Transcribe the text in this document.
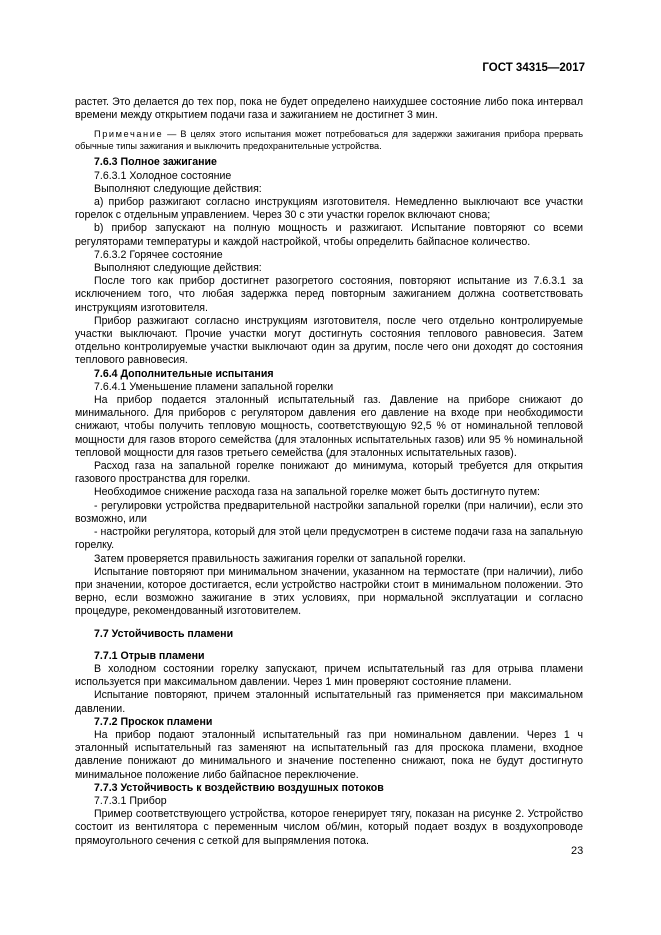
ГОСТ 34315—2017

растет. Это делается до тех пор, пока не будет определено наихудшее состояние либо пока интервал времени между открытием подачи газа и зажиганием не достигнет 3 мин.

Примечание — В целях этого испытания может потребоваться для задержки зажигания прибора прервать обычные типы зажигания и выключить предохранительные устройства.

7.6.3 Полное зажигание

7.6.3.1 Холодное состояние

Выполняют следующие действия:

a) прибор разжигают согласно инструкциям изготовителя. Немедленно выключают все участки горелок с отдельным управлением. Через 30 с эти участки горелок включают снова;

b) прибор запускают на полную мощность и разжигают. Испытание повторяют со всеми регуляторами температуры и каждой настройкой, чтобы определить байпасное количество.

7.6.3.2 Горячее состояние

Выполняют следующие действия:

После того как прибор достигнет разогретого состояния, повторяют испытание из 7.6.3.1 за исключением того, что любая задержка перед повторным зажиганием должна соответствовать инструкциям изготовителя.

Прибор разжигают согласно инструкциям изготовителя, после чего отдельно контролируемые участки выключают. Прочие участки могут достигнуть состояния теплового равновесия. Затем отдельно контролируемые участки выключают один за другим, после чего они доходят до состояния теплового равновесия.

7.6.4 Дополнительные испытания

7.6.4.1 Уменьшение пламени запальной горелки

На прибор подается эталонный испытательный газ. Давление на приборе снижают до минимального. Для приборов с регулятором давления его давление на входе при необходимости снижают, чтобы получить тепловую мощность, соответствующую 92,5 % от номинальной тепловой мощности для газов второго семейства (для эталонных испытательных газов) или 95 % номинальной тепловой мощности для газов третьего семейства (для эталонных испытательных газов).

Расход газа на запальной горелке понижают до минимума, который требуется для открытия газового пространства для горелки.

Необходимое снижение расхода газа на запальной горелке может быть достигнуто путем:

- регулировки устройства предварительной настройки запальной горелки (при наличии), если это возможно, или

- настройки регулятора, который для этой цели предусмотрен в системе подачи газа на запальную горелку.

Затем проверяется правильность зажигания горелки от запальной горелки.

Испытание повторяют при минимальном значении, указанном на термостате (при наличии), либо при значении, которое достигается, если устройство настройки стоит в минимальном положении. Это верно, если возможно зажигание в этих условиях, при нормальной эксплуатации и согласно процедуре, рекомендованный изготовителем.

7.7 Устойчивость пламени

7.7.1 Отрыв пламени

В холодном состоянии горелку запускают, причем испытательный газ для отрыва пламени используется при максимальном давлении. Через 1 мин проверяют состояние пламени.

Испытание повторяют, причем эталонный испытательный газ применяется при максимальном давлении.

7.7.2 Проскок пламени

На прибор подают эталонный испытательный газ при номинальном давлении. Через 1 ч эталонный испытательный газ заменяют на испытательный газ для проскока пламени, входное давление понижают до минимального и значение постепенно снижают, пока не будут достигнуто минимальное положение либо байпасное переключение.

7.7.3 Устойчивость к воздействию воздушных потоков

7.7.3.1 Прибор

Пример соответствующего устройства, которое генерирует тягу, показан на рисунке 2. Устройство состоит из вентилятора с переменным числом об/мин, который подает воздух в воздухопроводе прямоугольного сечения с сеткой для выпрямления потока.

23
